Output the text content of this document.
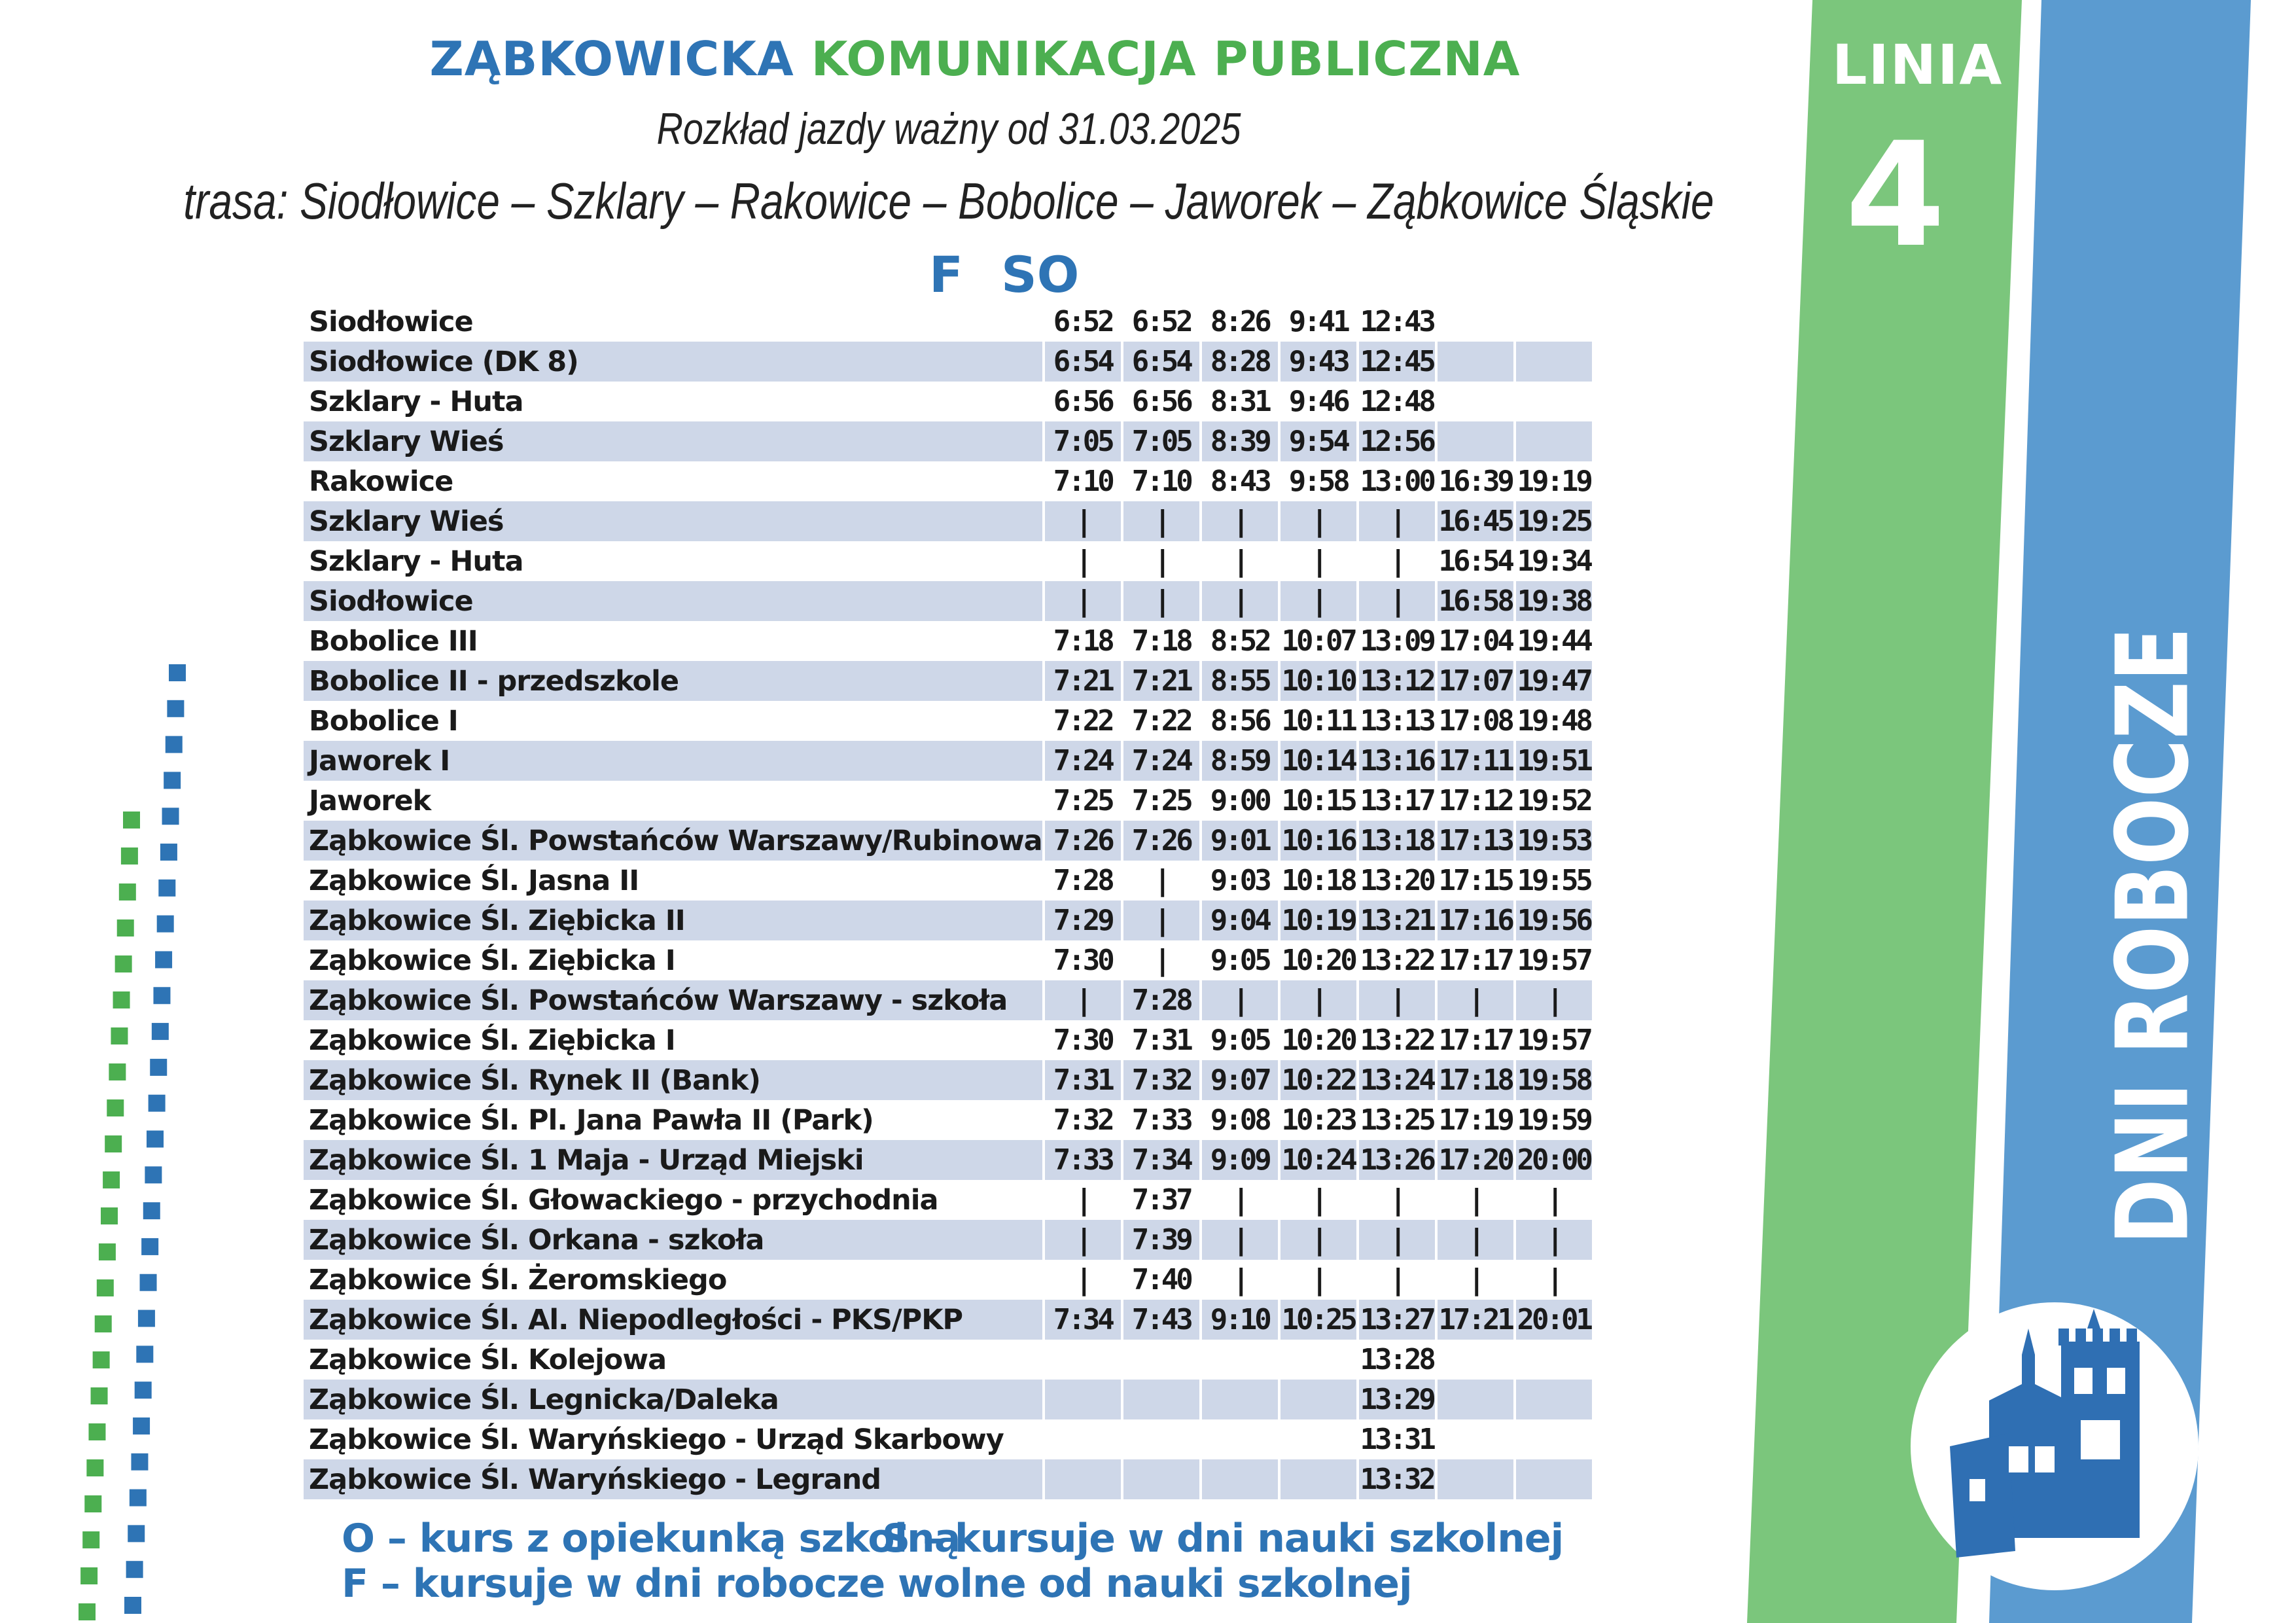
ZĄBKOWICKA KOMUNIKACJA PUBLICZNA
Rozkład jazdy ważny od 31.03.2025
trasa: Siodłowice – Szklary – Rakowice – Bobolice – Jaworek – Ząbkowice Śląskie
F SO
Siodłowice	6:52	6:52	8:26	9:41	12:43		
Siodłowice (DK 8)	6:54	6:54	8:28	9:43	12:45		
Szklary - Huta	6:56	6:56	8:31	9:46	12:48		
Szklary Wieś	7:05	7:05	8:39	9:54	12:56		
Rakowice	7:10	7:10	8:43	9:58	13:00	16:39	19:19
Szklary Wieś	|	|	|	|	|	16:45	19:25
Szklary - Huta	|	|	|	|	|	16:54	19:34
Siodłowice	|	|	|	|	|	16:58	19:38
Bobolice III	7:18	7:18	8:52	10:07	13:09	17:04	19:44
Bobolice II - przedszkole	7:21	7:21	8:55	10:10	13:12	17:07	19:47
Bobolice I	7:22	7:22	8:56	10:11	13:13	17:08	19:48
Jaworek I	7:24	7:24	8:59	10:14	13:16	17:11	19:51
Jaworek	7:25	7:25	9:00	10:15	13:17	17:12	19:52
Ząbkowice Śl. Powstańców Warszawy/Rubinowa	7:26	7:26	9:01	10:16	13:18	17:13	19:53
Ząbkowice Śl. Jasna II	7:28	|	9:03	10:18	13:20	17:15	19:55
Ząbkowice Śl. Ziębicka II	7:29	|	9:04	10:19	13:21	17:16	19:56
Ząbkowice Śl. Ziębicka I	7:30	|	9:05	10:20	13:22	17:17	19:57
Ząbkowice Śl. Powstańców Warszawy - szkoła	|	7:28	|	|	|	|	|
Ząbkowice Śl. Ziębicka I	7:30	7:31	9:05	10:20	13:22	17:17	19:57
Ząbkowice Śl. Rynek II (Bank)	7:31	7:32	9:07	10:22	13:24	17:18	19:58
Ząbkowice Śl. Pl. Jana Pawła II (Park)	7:32	7:33	9:08	10:23	13:25	17:19	19:59
Ząbkowice Śl. 1 Maja - Urząd Miejski	7:33	7:34	9:09	10:24	13:26	17:20	20:00
Ząbkowice Śl. Głowackiego - przychodnia	|	7:37	|	|	|	|	|
Ząbkowice Śl. Orkana - szkoła	|	7:39	|	|	|	|	|
Ząbkowice Śl. Żeromskiego	|	7:40	|	|	|	|	|
Ząbkowice Śl. Al. Niepodległości - PKS/PKP	7:34	7:43	9:10	10:25	13:27	17:21	20:01
Ząbkowice Śl. Kolejowa					13:28		
Ząbkowice Śl. Legnicka/Daleka					13:29		
Ząbkowice Śl. Waryńskiego - Urząd Skarbowy					13:31		
Ząbkowice Śl. Waryńskiego - Legrand					13:32		
O – kurs z opiekunką szkolną
S – kursuje w dni nauki szkolnej
F – kursuje w dni robocze wolne od nauki szkolnej
LINIA
4
DNI ROBOCZE
